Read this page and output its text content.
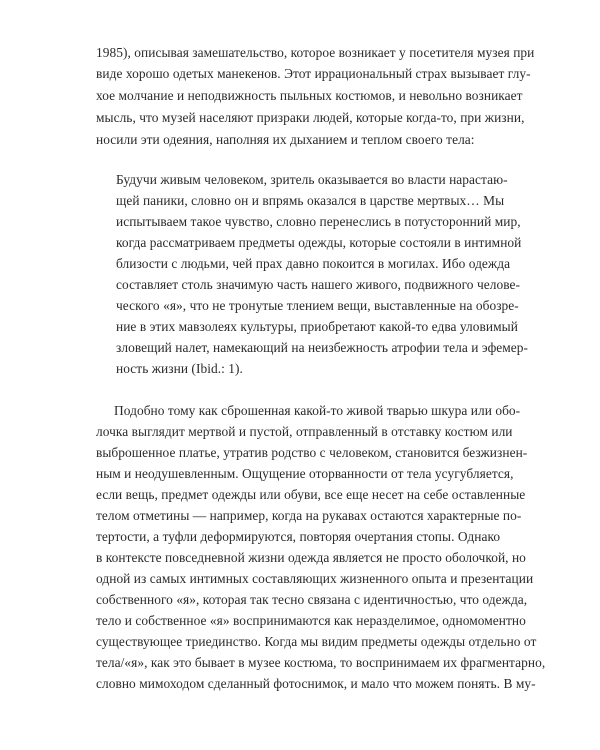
1985), описывая замешательство, которое возникает у посетителя музея при
виде хорошо одетых манекенов. Этот иррациональный страх вызывает глу-
хое молчание и неподвижность пыльных костюмов, и невольно возникает
мысль, что музей населяют призраки людей, которые когда-то, при жизни,
носили эти одеяния, наполняя их дыханием и теплом своего тела:
Будучи живым человеком, зритель оказывается во власти нарастаю-
щей паники, словно он и впрямь оказался в царстве мертвых… Мы
испытываем такое чувство, словно перенеслись в потусторонний мир,
когда рассматриваем предметы одежды, которые состояли в интимной
близости с людьми, чей прах давно покоится в могилах. Ибо одежда
составляет столь значимую часть нашего живого, подвижного челове-
ческого «я», что не тронутые тлением вещи, выставленные на обозре-
ние в этих мавзолеях культуры, приобретают какой-то едва уловимый
зловещий налет, намекающий на неизбежность атрофии тела и эфемер-
ность жизни (Ibid.: 1).
Подобно тому как сброшенная какой-то живой тварью шкура или обо-
лочка выглядит мертвой и пустой, отправленный в отставку костюм или
выброшенное платье, утратив родство с человеком, становится безжизнен-
ным и неодушевленным. Ощущение оторванности от тела усугубляется,
если вещь, предмет одежды или обуви, все еще несет на себе оставленные
телом отметины — например, когда на рукавах остаются характерные по-
тертости, а туфли деформируются, повторяя очертания стопы. Однако
в контексте повседневной жизни одежда является не просто оболочкой, но
одной из самых интимных составляющих жизненного опыта и презентации
собственного «я», которая так тесно связана с идентичностью, что одежда,
тело и собственное «я» воспринимаются как неразделимое, одномоментно
существующее триединство. Когда мы видим предметы одежды отдельно от
тела/«я», как это бывает в музее костюма, то воспринимаем их фрагментарно,
словно мимоходом сделанный фотоснимок, и мало что можем понять. В му-
